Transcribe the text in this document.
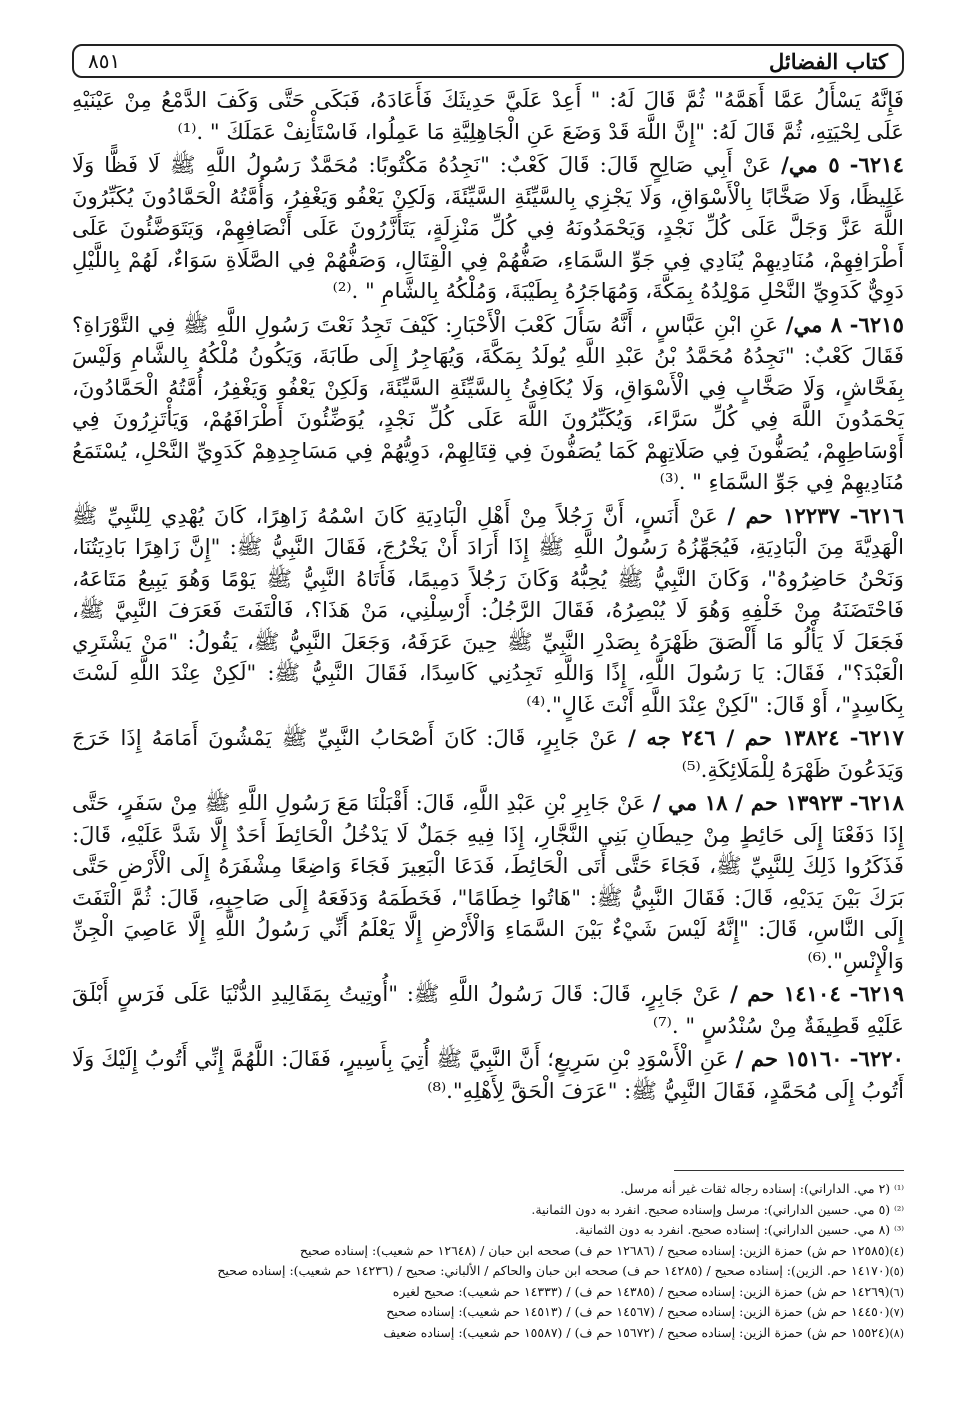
كتاب الفضائل
٨٥١

فَإِنَّهُ يَسْأَلُ عَمَّا أَهَمَّهُ" ثُمَّ قَالَ لَهُ: " أَعِدْ عَلَيَّ حَدِيثَكَ فَأَعَادَهُ، فَبَكَى حَتَّى وَكَفَ الدَّمْعُ مِنْ عَيْنَيْهِ عَلَى لِحْيَتِهِ، ثُمَّ قَالَ لَهُ: "إِنَّ اللَّهَ قَدْ وَضَعَ عَنِ الْجَاهِلِيَّةِ مَا عَمِلُوا، فَاسْتَأْنِفْ عَمَلَكَ " .⁽¹⁾

٦٢١٤- ٥ مي/ عَنْ أَبِي صَالِحٍ قَالَ: قَالَ كَعْبٌ: "نَجِدُهُ مَكْتُوبًا: مُحَمَّدٌ رَسُولُ اللَّهِ ﷺ لَا فَظًّا وَلَا غَلِيظًا، وَلَا صَخَّابًا بِالْأَسْوَاقِ، وَلَا يَجْزِي بِالسَّيِّئَةِ السَّيِّئَةَ، وَلَكِنْ يَعْفُو وَيَغْفِرُ، وَأُمَّتُهُ الْحَمَّادُونَ يُكَبِّرُونَ اللَّهَ عَزَّ وَجَلَّ عَلَى كُلِّ نَجْدٍ، وَيَحْمَدُونَهُ فِي كُلِّ مَنْزِلَةٍ، يَتَأَزَّرُونَ عَلَى أَنْصَافِهِمْ، وَيَتَوَضَّئُونَ عَلَى أَطْرَافِهِمْ، مُنَادِيهِمْ يُنَادِي فِي جَوِّ السَّمَاءِ، صَفُّهُمْ فِي الْقِتَالِ، وَصَفُّهُمْ فِي الصَّلَاةِ سَوَاءٌ، لَهُمْ بِاللَّيْلِ دَوِيٌّ كَدَوِيِّ النَّحْلِ مَوْلِدُهُ بِمَكَّةَ، وَمُهَاجَرُهُ بِطَيْبَةَ، وَمُلْكُهُ بِالشَّامِ " .⁽²⁾

٦٢١٥- ٨ مي/ عَنِ ابْنِ عَبَّاسٍ ، أَنَّهُ سَأَلَ كَعْبَ الْأَحْبَارِ: كَيْفَ تَجِدُ نَعْتَ رَسُولِ اللَّهِ ﷺ فِي التَّوْرَاةِ؟ فَقَالَ كَعْبٌ: "نَجِدُهُ مُحَمَّدُ بْنُ عَبْدِ اللَّهِ يُولَدُ بِمَكَّةَ، وَيُهَاجِرُ إِلَى طَابَةَ، وَيَكُونُ مُلْكُهُ بِالشَّامِ وَلَيْسَ بِفَحَّاشٍ، وَلَا صَخَّابٍ فِي الْأَسْوَاقِ، وَلَا يُكَافِئُ بِالسَّيِّئَةِ السَّيِّئَةَ، وَلَكِنْ يَعْفُو وَيَغْفِرُ، أُمَّتُهُ الْحَمَّادُونَ، يَحْمَدُونَ اللَّهَ فِي كُلِّ سَرَّاءَ، وَيُكَبِّرُونَ اللَّهَ عَلَى كُلِّ نَجْدٍ، يُوَضِّئُونَ أَطْرَافَهُمْ، وَيَأْتَزِرُونَ فِي أَوْسَاطِهِمْ، يُصَفُّونَ فِي صَلَاتِهِمْ كَمَا يُصَفُّونَ فِي قِتَالِهِمْ، دَوِيُّهُمْ فِي مَسَاجِدِهِمْ كَدَوِيِّ النَّحْلِ، يُسْتَمَعُ مُنَادِيهِمْ فِي جَوِّ السَّمَاءِ " .⁽³⁾

٦٢١٦- ١٢٢٣٧ حم / عَنْ أَنَسٍ، أَنَّ رَجُلاً مِنْ أَهْلِ الْبَادِيَةِ كَانَ اسْمُهُ زَاهِرًا، كَانَ يُهْدِي لِلنَّبِيِّ ﷺ الْهَدِيَّةَ مِنَ الْبَادِيَةِ، فَيُجَهِّزُهُ رَسُولُ اللَّهِ ﷺ إِذَا أَرَادَ أَنْ يَخْرُجَ، فَقَالَ النَّبِيُّ ﷺ: "إِنَّ زَاهِرًا بَادِيَتُنَا، وَنَحْنُ حَاضِرُوهُ"، وَكَانَ النَّبِيُّ ﷺ يُحِبُّهُ وَكَانَ رَجُلاً دَمِيمًا، فَأَتَاهُ النَّبِيُّ ﷺ يَوْمًا وَهُوَ يَبِيعُ مَتَاعَهُ، فَاحْتَضَنَهُ مِنْ خَلْفِهِ وَهُوَ لَا يُبْصِرُهُ، فَقَالَ الرَّجُلُ: أَرْسِلْنِي، مَنْ هَذَا؟، فَالْتَفَتَ فَعَرَفَ النَّبِيَّ ﷺ، فَجَعَلَ لَا يَأْلُو مَا أَلْصَقَ ظَهْرَهُ بِصَدْرِ النَّبِيِّ ﷺ حِينَ عَرَفَهُ، وَجَعَلَ النَّبِيُّ ﷺ، يَقُولُ: "مَنْ يَشْتَرِي الْعَبْدَ؟"، فَقَالَ: يَا رَسُولَ اللَّهِ، إِذًا وَاللَّهِ تَجِدُنِي كَاسِدًا، فَقَالَ النَّبِيُّ ﷺ: "لَكِنْ عِنْدَ اللَّهِ لَسْتَ بِكَاسِدٍ"، أَوْ قَالَ: "لَكِنْ عِنْدَ اللَّهِ أَنْتَ غَالٍ".⁽⁴⁾

٦٢١٧- ١٣٨٢٤ حم / ٢٤٦ جه / عَنْ جَابِرٍ، قَالَ: كَانَ أَصْحَابُ النَّبِيِّ ﷺ يَمْشُونَ أَمَامَهُ إِذَا خَرَجَ وَيَدَعُونَ ظَهْرَهُ لِلْمَلَائِكَةِ.⁽⁵⁾

٦٢١٨- ١٣٩٢٣ حم / ١٨ مي / عَنْ جَابِرِ بْنِ عَبْدِ اللَّهِ، قَالَ: أَقْبَلْنَا مَعَ رَسُولِ اللَّهِ ﷺ مِنْ سَفَرٍ، حَتَّى إِذَا دَفَعْنَا إِلَى حَائِطٍ مِنْ حِيطَانِ بَنِي النَّجَّارِ، إِذَا فِيهِ جَمَلٌ لَا يَدْخُلُ الْحَائِطَ أَحَدٌ إِلَّا شَدَّ عَلَيْهِ، قَالَ: فَذَكَرُوا ذَلِكَ لِلنَّبِيِّ ﷺ، فَجَاءَ حَتَّى أَتَى الْحَائِطَ، فَدَعَا الْبَعِيرَ فَجَاءَ وَاضِعًا مِشْفَرَهُ إِلَى الْأَرْضِ حَتَّى بَرَكَ بَيْنَ يَدَيْهِ، قَالَ: فَقَالَ النَّبِيُّ ﷺ: "هَاتُوا خِطَامًا"، فَخَطَمَهُ وَدَفَعَهُ إِلَى صَاحِبِهِ، قَالَ: ثُمَّ الْتَفَتَ إِلَى النَّاسِ، قَالَ: "إِنَّهُ لَيْسَ شَيْءٌ بَيْنَ السَّمَاءِ وَالْأَرْضِ إِلَّا يَعْلَمُ أَنِّي رَسُولُ اللَّهِ إِلَّا عَاصِيَ الْجِنِّ وَالْإِنْسِ".⁽⁶⁾

٦٢١٩- ١٤١٠٤ حم / عَنْ جَابِرٍ، قَالَ: قَالَ رَسُولُ اللَّهِ ﷺ: "أُوتِيتُ بِمَقَالِيدِ الدُّنْيَا عَلَى فَرَسٍ أَبْلَقَ عَلَيْهِ قَطِيفَةٌ مِنْ سُنْدُسٍ " .⁽⁷⁾

٦٢٢٠- ١٥١٦٠ حم / عَنِ الْأَسْوَدِ بْنِ سَرِيعٍ؛ أَنَّ النَّبِيَّ ﷺ أُتِيَ بِأَسِيرٍ، فَقَالَ: اللَّهُمَّ إِنِّي أَتُوبُ إِلَيْكَ وَلَا أَتُوبُ إِلَى مُحَمَّدٍ، فَقَالَ النَّبِيُّ ﷺ: "عَرَفَ الْحَقَّ لِأَهْلِهِ".⁽⁸⁾

⁽¹⁾ (٢ مي. الداراني): إسناده رجاله ثقات غير أنه مرسل.

⁽²⁾ (٥ مي. حسين الداراني): مرسل وإسناده صحيح. انفرد به دون الثمانية.

⁽³⁾ (٨ مي. حسين الداراني): إسناده صحيح. انفرد به دون الثمانية.

(٤)(١٢٥٨٥ حم ش) حمزة الزين: إسناده صحيح / (١٢٦٨٦ حم ف) صححه ابن حبان / (١٢٦٤٨ حم شعيب): إسناده صحيح

(٥)(١٤١٧٠ حم. الزين): إسناده صحيح / (١٤٢٨٥ حم ف) صححه ابن حبان والحاكم / الألباني: صحيح / (١٤٢٣٦ حم شعيب): إسناده صحيح

(٦)(١٤٢٦٩ حم ش) حمزة الزين: إسناده صحيح / (١٤٣٨٥ حم ف) / (١٤٣٣٣ حم شعيب): صحيح لغيره

(٧)(١٤٤٥٠ حم ش) حمزة الزين: إسناده صحيح / (١٤٥٦٧ حم ف) / (١٤٥١٣ حم شعيب): إسناده صحيح

(٨)(١٥٥٢٤ حم ش) حمزة الزين: إسناده صحيح / (١٥٦٧٢ حم ف) / (١٥٥٨٧ حم شعيب): إسناده ضعيف
